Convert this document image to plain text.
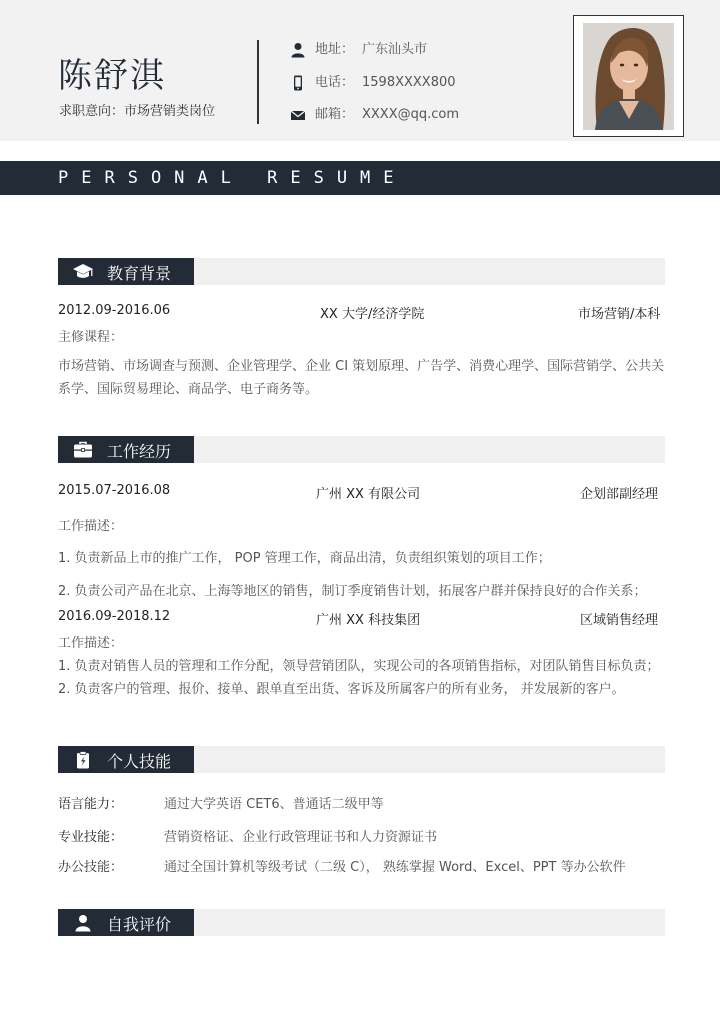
陈舒淇
求职意向：市场营销类岗位
地址： 广东汕头市
电话： 1598XXXX800
邮箱： XXXX@qq.com
PERSONAL RESUME
教育背景
2012.09-2016.06	XX 大学/经济学院	市场营销/本科
主修课程：
市场营销、市场调查与预测、企业管理学、企业 CI 策划原理、广告学、消费心理学、国际营销学、公共关系学、国际贸易理论、商品学、电子商务等。
工作经历
2015.07-2016.08	广州 XX 有限公司	企划部副经理
工作描述：
1. 负责新品上市的推广工作， POP 管理工作，商品出清，负责组织策划的项目工作；
2. 负责公司产品在北京、上海等地区的销售，制订季度销售计划，拓展客户群并保持良好的合作关系；
2016.09-2018.12	广州 XX 科技集团	区域销售经理
工作描述：
1. 负责对销售人员的管理和工作分配，领导营销团队，实现公司的各项销售指标，对团队销售目标负责；
2. 负责客户的管理、报价、接单、跟单直至出货、客诉及所属客户的所有业务， 并发展新的客户。
个人技能
语言能力：	通过大学英语 CET6、普通话二级甲等
专业技能：	营销资格证、企业行政管理证书和人力资源证书
办公技能：	通过全国计算机等级考试（二级 C）， 熟练掌握 Word、Excel、PPT 等办公软件
自我评价
